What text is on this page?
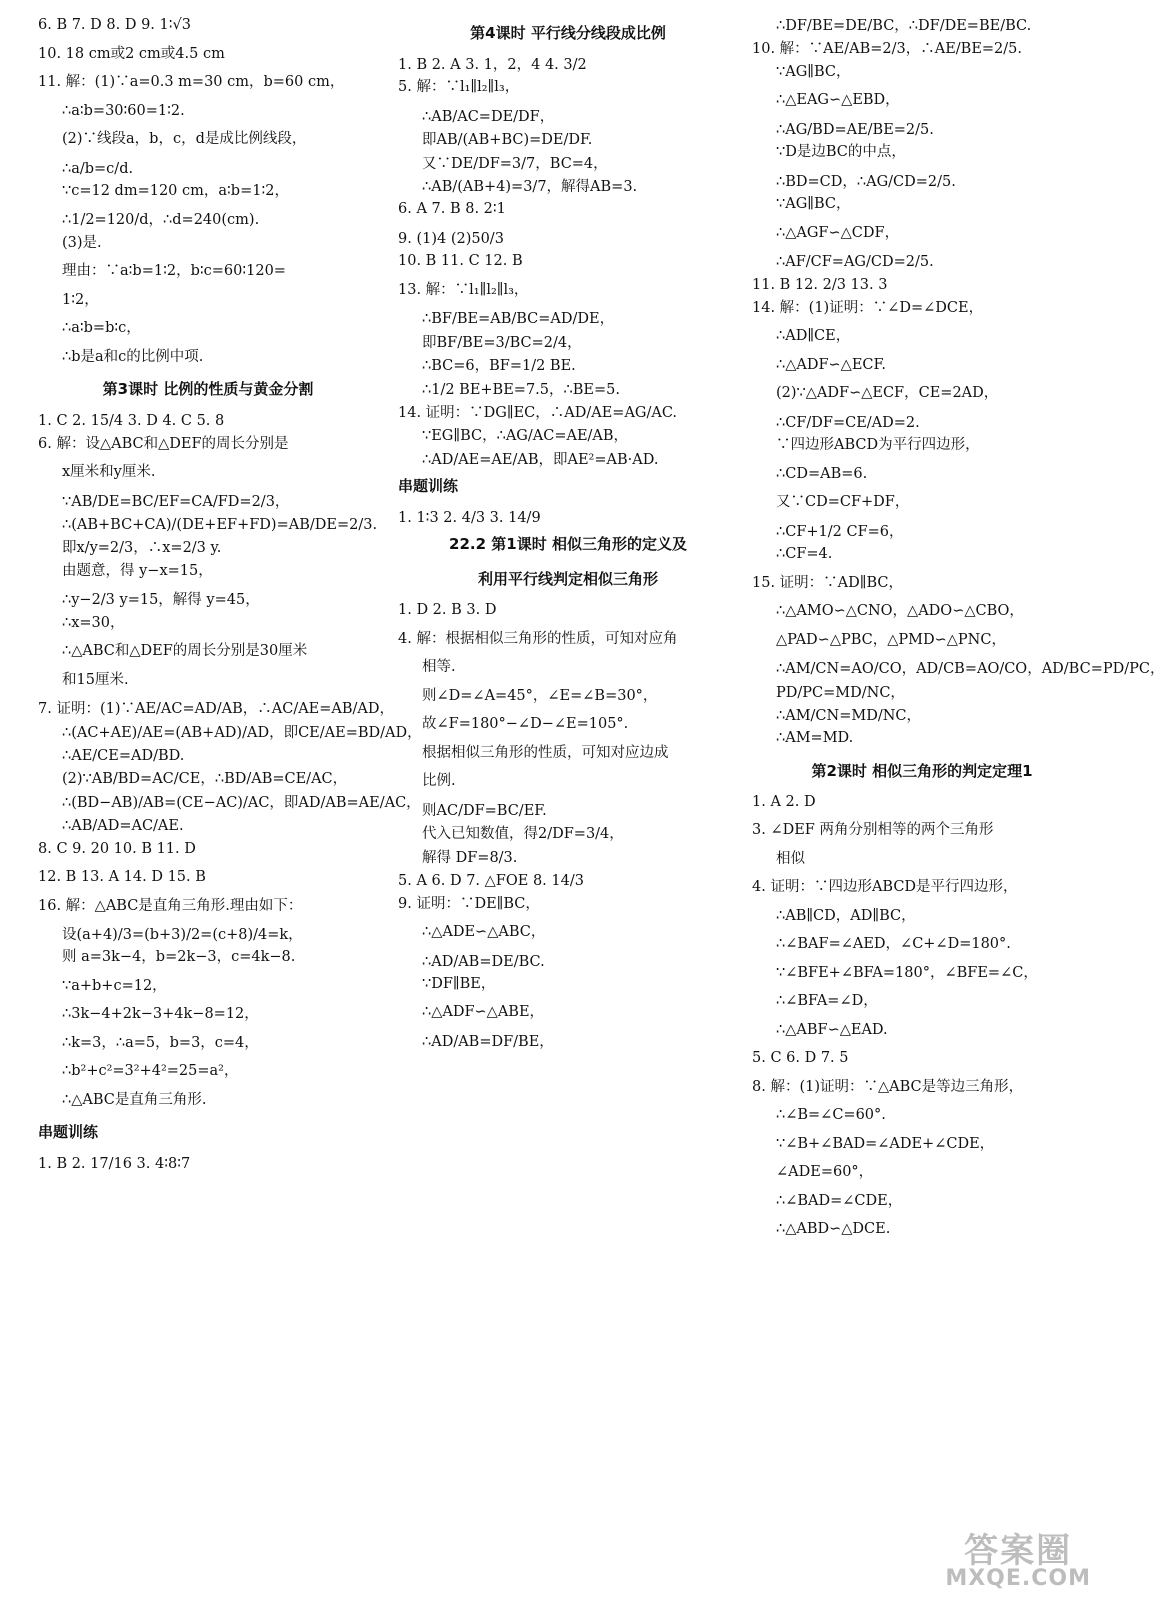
6. B 7. D 8. D 9. 1∶√3
10. 18 cm或2 cm或4.5 cm
11. 解：(1)∵a=0.3 m=30 cm，b=60 cm，
∴a∶b=30∶60=1∶2.
(2)∵线段a，b，c，d是成比例线段，
∴a/b=c/d.
∵c=12 dm=120 cm，a∶b=1∶2，
∴1/2=120/d，∴d=240(cm).
(3)是.
理由：∵a∶b=1∶2，b∶c=60∶120=
1∶2，
∴a∶b=b∶c，
∴b是a和c的比例中项.
第3课时 比例的性质与黄金分割
1. C 2. 15/4 3. D 4. C 5. 8
6. 解：设△ABC和△DEF的周长分别是
x厘米和y厘米.
∵AB/DE=BC/EF=CA/FD=2/3，
∴(AB+BC+CA)/(DE+EF+FD)=AB/DE=2/3.
即x/y=2/3，∴x=2/3 y.
由题意，得 y−x=15，
∴y−2/3 y=15，解得 y=45，
∴x=30，
∴△ABC和△DEF的周长分别是30厘米
和15厘米.
7. 证明：(1)∵AE/AC=AD/AB，∴AC/AE=AB/AD，
∴(AC+AE)/AE=(AB+AD)/AD，即CE/AE=BD/AD，
∴AE/CE=AD/BD.
(2)∵AB/BD=AC/CE，∴BD/AB=CE/AC，
∴(BD−AB)/AB=(CE−AC)/AC，即AD/AB=AE/AC，
∴AB/AD=AC/AE.
8. C 9. 20 10. B 11. D
12. B 13. A 14. D 15. B
16. 解：△ABC是直角三角形.理由如下：
设(a+4)/3=(b+3)/2=(c+8)/4=k，
则 a=3k−4，b=2k−3，c=4k−8.
∵a+b+c=12，
∴3k−4+2k−3+4k−8=12，
∴k=3，∴a=5，b=3，c=4，
∴b²+c²=3²+4²=25=a²，
∴△ABC是直角三角形.
串题训练
1. B 2. 17/16 3. 4∶8∶7
第4课时 平行线分线段成比例
1. B 2. A 3. 1，2，4 4. 3/2
5. 解：∵l₁∥l₂∥l₃，
∴AB/AC=DE/DF，
即AB/(AB+BC)=DE/DF.
又∵DE/DF=3/7，BC=4，
∴AB/(AB+4)=3/7，解得AB=3.
6. A 7. B 8. 2∶1
9. (1)4 (2)50/3
10. B 11. C 12. B
13. 解：∵l₁∥l₂∥l₃，
∴BF/BE=AB/BC=AD/DE，
即BF/BE=3/BC=2/4，
∴BC=6，BF=1/2 BE.
∴1/2 BE+BE=7.5，∴BE=5.
14. 证明：∵DG∥EC，∴AD/AE=AG/AC.
∵EG∥BC，∴AG/AC=AE/AB，
∴AD/AE=AE/AB，即AE²=AB·AD.
串题训练
1. 1∶3 2. 4/3 3. 14/9
22.2 第1课时 相似三角形的定义及
利用平行线判定相似三角形
1. D 2. B 3. D
4. 解：根据相似三角形的性质，可知对应角
相等.
则∠D=∠A=45°，∠E=∠B=30°，
故∠F=180°−∠D−∠E=105°.
根据相似三角形的性质，可知对应边成
比例.
则AC/DF=BC/EF.
代入已知数值，得2/DF=3/4，
解得 DF=8/3.
5. A 6. D 7. △FOE 8. 14/3
9. 证明：∵DE∥BC，
∴△ADE∽△ABC，
∴AD/AB=DE/BC.
∵DF∥BE，
∴△ADF∽△ABE，
∴AD/AB=DF/BE，
∴DF/BE=DE/BC，∴DF/DE=BE/BC.
10. 解：∵AE/AB=2/3，∴AE/BE=2/5.
∵AG∥BC，
∴△EAG∽△EBD，
∴AG/BD=AE/BE=2/5.
∵D是边BC的中点，
∴BD=CD，∴AG/CD=2/5.
∵AG∥BC，
∴△AGF∽△CDF，
∴AF/CF=AG/CD=2/5.
11. B 12. 2/3 13. 3
14. 解：(1)证明：∵∠D=∠DCE，
∴AD∥CE，
∴△ADF∽△ECF.
(2)∵△ADF∽△ECF，CE=2AD，
∴CF/DF=CE/AD=2.
∵四边形ABCD为平行四边形，
∴CD=AB=6.
又∵CD=CF+DF，
∴CF+1/2 CF=6，
∴CF=4.
15. 证明：∵AD∥BC，
∴△AMO∽△CNO，△ADO∽△CBO，
△PAD∽△PBC，△PMD∽△PNC，
∴AM/CN=AO/CO，AD/CB=AO/CO，AD/BC=PD/PC，
PD/PC=MD/NC，
∴AM/CN=MD/NC，
∴AM=MD.
第2课时 相似三角形的判定定理1
1. A 2. D
3. ∠DEF 两角分别相等的两个三角形
相似
4. 证明：∵四边形ABCD是平行四边形，
∴AB∥CD，AD∥BC，
∴∠BAF=∠AED，∠C+∠D=180°.
∵∠BFE+∠BFA=180°，∠BFE=∠C，
∴∠BFA=∠D，
∴△ABF∽△EAD.
5. C 6. D 7. 5
8. 解：(1)证明：∵△ABC是等边三角形，
∴∠B=∠C=60°.
∵∠B+∠BAD=∠ADE+∠CDE，
∠ADE=60°，
∴∠BAD=∠CDE，
∴△ABD∽△DCE.
答案圈
MXQE.COM
